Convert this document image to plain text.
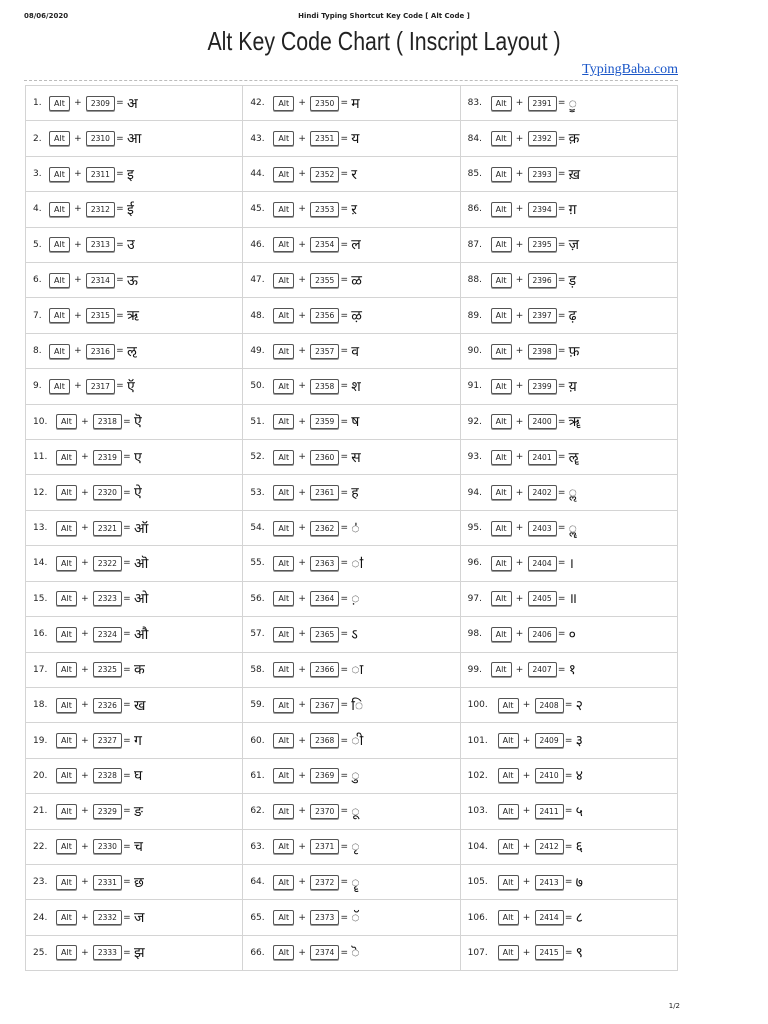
08/06/2020	Hindi Typing Shortcut Key Code [ Alt Code ]
Alt Key Code Chart ( Inscript Layout )
TypingBaba.com
1.	Alt	+	2309 = अ
2.	Alt	+	2310 = आ
3.	Alt	+	2311 = इ
4.	Alt	+	2312 = ई
5.	Alt	+	2313 = उ
6.	Alt	+	2314 = ऊ
7.	Alt	+	2315 = ऋ
8.	Alt	+	2316 = ऌ
9.	Alt	+	2317 = ऍ
10.	Alt	+	2318 = ऎ
11.	Alt	+	2319 = ए
12.	Alt	+	2320 = ऐ
13.	Alt	+	2321 = ऑ
14.	Alt	+	2322 = ऒ
15.	Alt	+	2323 = ओ
16.	Alt	+	2324 = औ
17.	Alt	+	2325 = क
18.	Alt	+	2326 = ख
19.	Alt	+	2327 = ग
20.	Alt	+	2328 = घ
21.	Alt	+	2329 = ङ
22.	Alt	+	2330 = च
23.	Alt	+	2331 = छ
24.	Alt	+	2332 = ज
25.	Alt	+	2333 = झ
42.	Alt	+	2350 = म
43.	Alt	+	2351 = य
44.	Alt	+	2352 = र
45.	Alt	+	2353 = ऱ
46.	Alt	+	2354 = ल
47.	Alt	+	2355 = ळ
48.	Alt	+	2356 = ऴ
49.	Alt	+	2357 = व
50.	Alt	+	2358 = श
51.	Alt	+	2359 = ष
52.	Alt	+	2360 = स
53.	Alt	+	2361 = ह
54.	Alt	+	2362 = ऺ
55.	Alt	+	2363 = ऻ
56.	Alt	+	2364 = ़
57.	Alt	+	2365 = ऽ
58.	Alt	+	2366 = ा
59.	Alt	+	2367 = ि
60.	Alt	+	2368 = ी
61.	Alt	+	2369 = ु
62.	Alt	+	2370 = ू
63.	Alt	+	2371 = ृ
64.	Alt	+	2372 = ॄ
65.	Alt	+	2373 = ॅ
66.	Alt	+	2374 = ॆ
83.	Alt	+	2391 = ॗ
84.	Alt	+	2392 = क़
85.	Alt	+	2393 = ख़
86.	Alt	+	2394 = ग़
87.	Alt	+	2395 = ज़
88.	Alt	+	2396 = ड़
89.	Alt	+	2397 = ढ़
90.	Alt	+	2398 = फ़
91.	Alt	+	2399 = य़
92.	Alt	+	2400 = ॠ
93.	Alt	+	2401 = ॡ
94.	Alt	+	2402 = ॢ
95.	Alt	+	2403 = ॣ
96.	Alt	+	2404 = ।
97.	Alt	+	2405 = ॥
98.	Alt	+	2406 = ०
99.	Alt	+	2407 = १
100.	Alt	+	2408 = २
101.	Alt	+	2409 = ३
102.	Alt	+	2410 = ४
103.	Alt	+	2411 = ५
104.	Alt	+	2412 = ६
105.	Alt	+	2413 = ७
106.	Alt	+	2414 = ८
107.	Alt	+	2415 = ९
1/2
